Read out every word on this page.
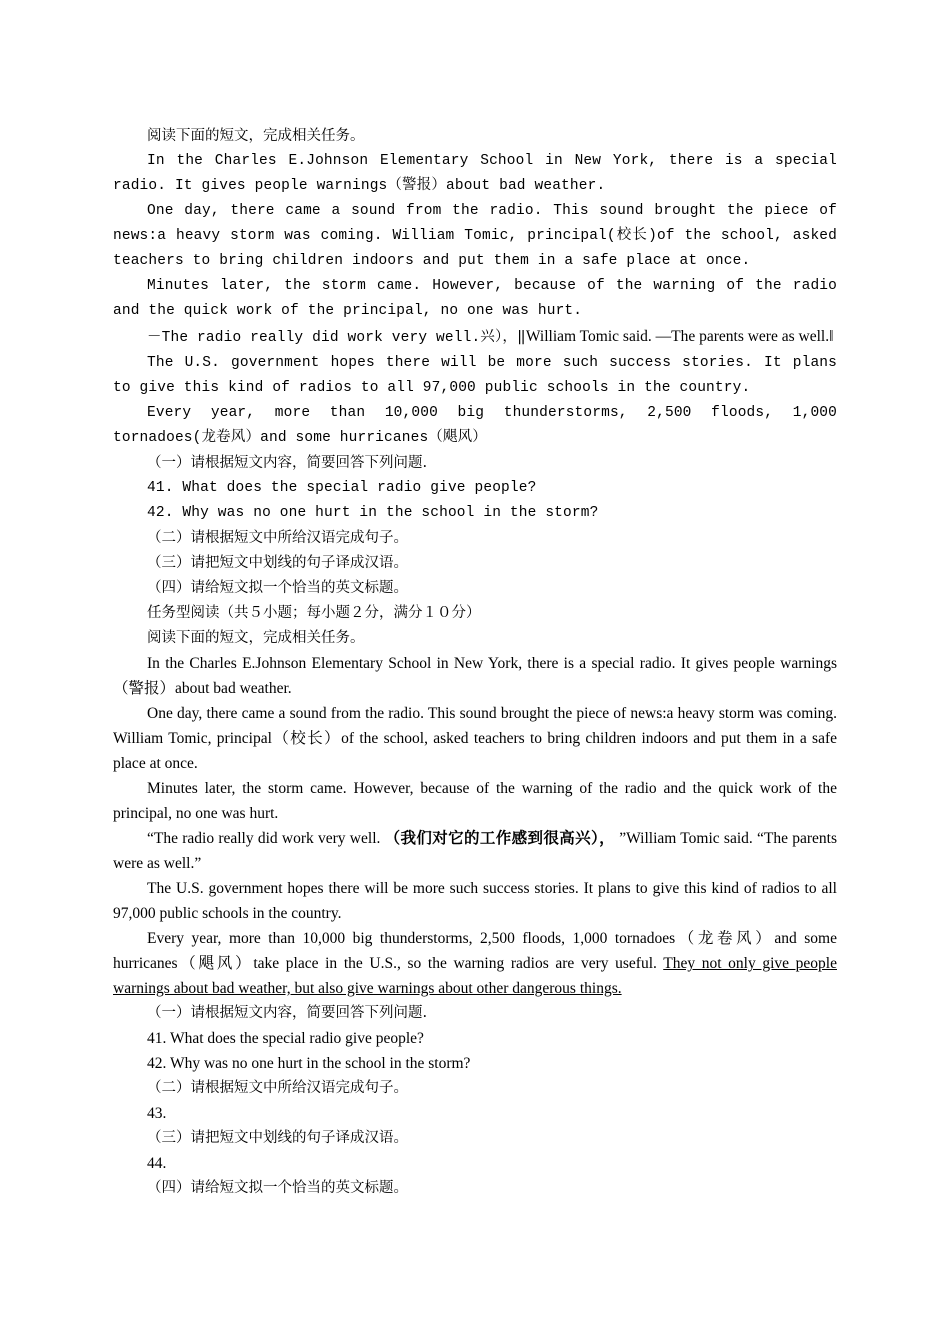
阅读下面的短文，完成相关任务。

In the Charles E.Johnson Elementary School in New York, there is a special radio. It gives people warnings（警报）about bad weather.

One day, there came a sound from the radio. This sound brought the piece of news:a heavy storm was coming. William Tomic, principal(校长)of the school, asked teachers to bring children indoors and put them in a safe place at once.

Minutes later, the storm came. However, because of the warning of the radio and the quick work of the principal, no one was hurt.

－The radio really did work very well.兴），‖William Tomic said. —The parents were as well.‖

The U.S. government hopes there will be more such success stories. It plans to give this kind of radios to all 97,000 public schools in the country.

Every year, more than 10,000 big thunderstorms, 2,500 floods, 1,000 tornadoes(龙卷风）and some hurricanes（飓风）

（一）请根据短文内容，简要回答下列问题.

41. What does the special radio give people?

42. Why was no one hurt in the school in the storm?

（二）请根据短文中所给汉语完成句子。

（三）请把短文中划线的句子译成汉语。

（四）请给短文拟一个恰当的英文标题。

任务型阅读（共５小题；每小题２分，满分１０分）

阅读下面的短文，完成相关任务。

In the Charles E.Johnson Elementary School in New York, there is a special radio. It gives people warnings（警报）about bad weather.

One day, there came a sound from the radio. This sound brought the piece of news:a heavy storm was coming. William Tomic, principal（校长）of the school, asked teachers to bring children indoors and put them in a safe place at once.

Minutes later, the storm came. However, because of the warning of the radio and the quick work of the principal, no one was hurt.

“The radio really did work very well. （我们对它的工作感到很高兴）， ”William Tomic said. “The parents were as well.”

The U.S. government hopes there will be more such success stories. It plans to give this kind of radios to all 97,000 public schools in the country.

Every year, more than 10,000 big thunderstorms, 2,500 floods, 1,000 tornadoes（龙卷风）and some hurricanes（飓风）take place in the U.S., so the warning radios are very useful. They not only give people warnings about bad weather, but also give warnings about other dangerous things.

（一）请根据短文内容，简要回答下列问题.

41. What does the special radio give people?

42. Why was no one hurt in the school in the storm?

（二）请根据短文中所给汉语完成句子。

43.

（三）请把短文中划线的句子译成汉语。

44.

（四）请给短文拟一个恰当的英文标题。
